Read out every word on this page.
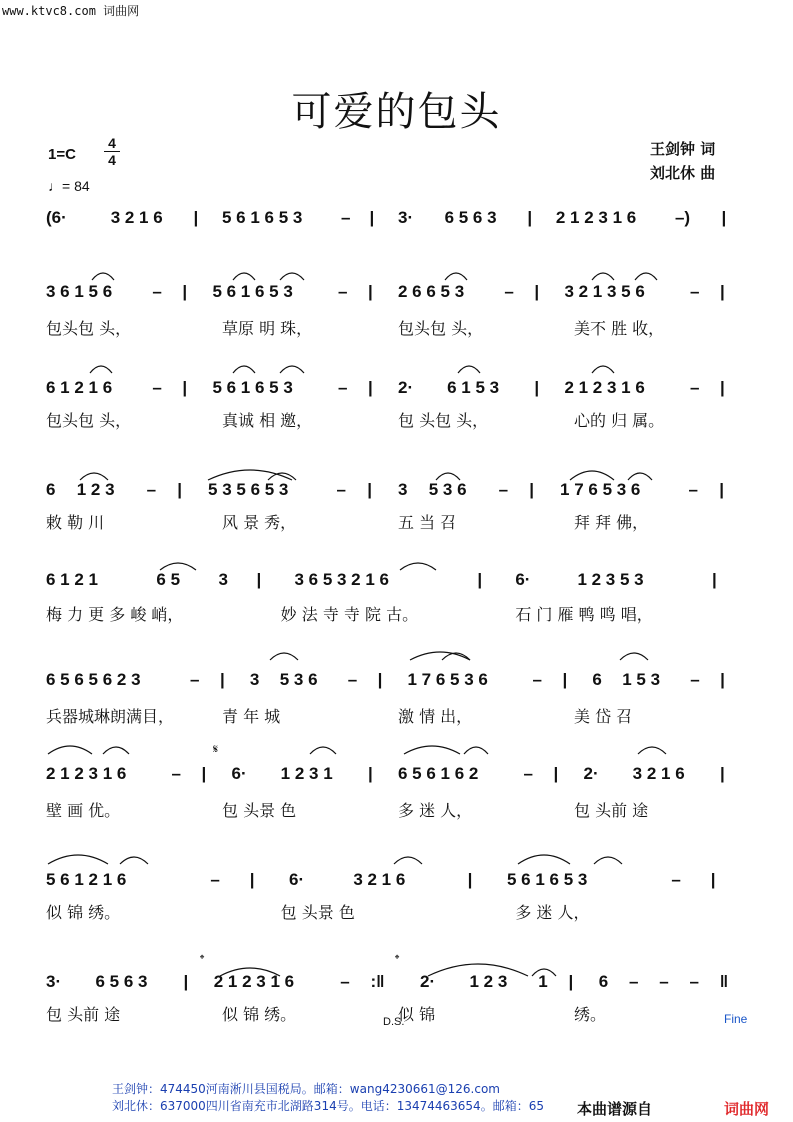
www.ktvc8.com 词曲网
可爱的包头
1=C
4
4
♩= 84
王剑钟 词
刘北休 曲
(6·	3 2 1 6 | 5 6 1 6 5 3 – | 3· 6 5 6 3 | 2 1 2 3 1 6 –) |
3 6 1 5 6 – | 5 6 1 6 5 3	– | 2 6 6 5 3 – | 3 2 1 3 5 6	– |
包头包 头，	草原 明 珠，	包头包 头，	美不 胜 收，
6 1 2 1 6 – | 5 6 1 6 5 3	– | 2· 6 1 5 3 | 2 1 2 3 1 6	– |
包头包 头，	真诚 相 邀，	包 头包 头，	心的 归 属。
6 1 2 3 – | 5 3 5 6 5 3	– | 3 5 3 6 – | 1 7 6 5 3 6	– |
敕 勒 川	风 景 秀，	五 当 召	拜 拜 佛，
6 1 2 1	6 5 3 | 3 6 5 3 2 1 6	| 6·	1 2 3 5 3	|
梅 力 更 多 峻 峭，	妙 法 寺 寺 院 古。	石 门 雁 鸭 鸣 唱，
6 5 6 5 6 2 3	– | 3 5 3 6 – | 1 7 6 5 3 6	– | 6 1 5 3 – |
兵器城琳朗满目，	青 年 城	激 情 出，	美 岱 召
2 1 2 3 1 6	– | 6· 1 2 3 1 | 6 5 6 1 6 2	– | 2· 3 2 1 6 |
壁 画 优。	包 头景 色	多 迷 人，	包 头前 途
5 6 1 2 1 6	– | 6·	3 2 1 6	| 5 6 1 6 5 3	– |
似 锦 绣。	包 头景 色	多 迷 人，
3· 6 5 6 3 | 2 1 2 3 1 6	– :‖ 2· 1 2 3 1 | 6 – – – ‖
包 头前 途	似 锦 绣。	似 锦	绣。
𝄋
𝄌	𝄌
D.S.	Fine
王剑钟：474450河南淅川县国税局。邮箱：wang4230661@126.com
刘北休：637000四川省南充市北湖路314号。电话：13474463654。邮箱：65 本曲谱源自	词曲网
